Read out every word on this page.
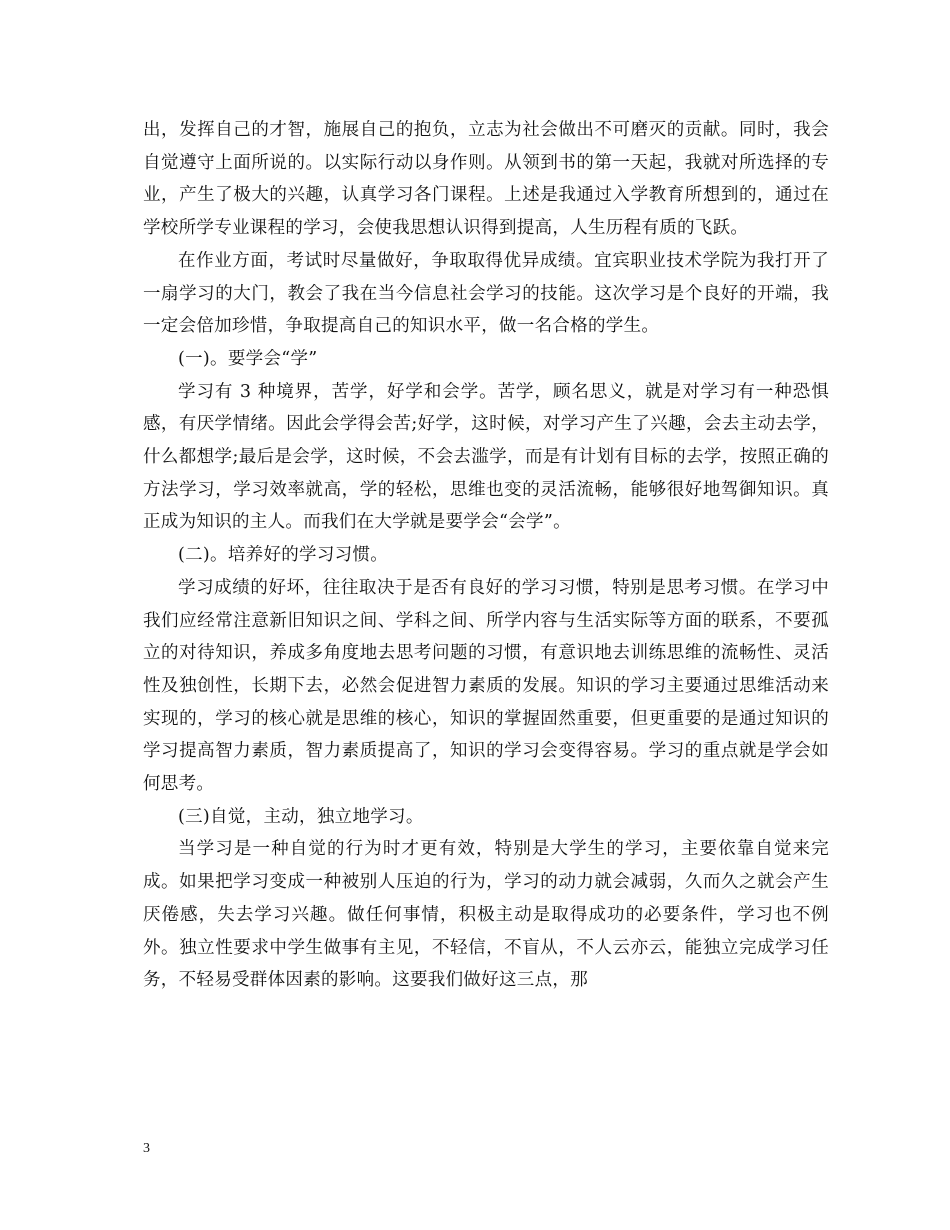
出，发挥自己的才智，施展自己的抱负，立志为社会做出不可磨灭的贡献。同时，我会自觉遵守上面所说的。以实际行动以身作则。从领到书的第一天起，我就对所选择的专业，产生了极大的兴趣，认真学习各门课程。上述是我通过入学教育所想到的，通过在学校所学专业课程的学习，会使我思想认识得到提高，人生历程有质的飞跃。

在作业方面，考试时尽量做好，争取取得优异成绩。宜宾职业技术学院为我打开了一扇学习的大门，教会了我在当今信息社会学习的技能。这次学习是个良好的开端，我一定会倍加珍惜，争取提高自己的知识水平，做一名合格的学生。

(一)。要学会“学”

学习有 3 种境界，苦学，好学和会学。苦学，顾名思义，就是对学习有一种恐惧感，有厌学情绪。因此会学得会苦;好学，这时候，对学习产生了兴趣，会去主动去学，什么都想学;最后是会学，这时候，不会去滥学，而是有计划有目标的去学，按照正确的方法学习，学习效率就高，学的轻松，思维也变的灵活流畅，能够很好地驾御知识。真正成为知识的主人。而我们在大学就是要学会“会学”。

(二)。培养好的学习习惯。

学习成绩的好坏，往往取决于是否有良好的学习习惯，特别是思考习惯。在学习中我们应经常注意新旧知识之间、学科之间、所学内容与生活实际等方面的联系，不要孤立的对待知识，养成多角度地去思考问题的习惯，有意识地去训练思维的流畅性、灵活性及独创性，长期下去，必然会促进智力素质的发展。知识的学习主要通过思维活动来实现的，学习的核心就是思维的核心，知识的掌握固然重要，但更重要的是通过知识的学习提高智力素质，智力素质提高了，知识的学习会变得容易。学习的重点就是学会如何思考。

(三)自觉，主动，独立地学习。

当学习是一种自觉的行为时才更有效，特别是大学生的学习，主要依靠自觉来完成。如果把学习变成一种被别人压迫的行为，学习的动力就会减弱，久而久之就会产生厌倦感，失去学习兴趣。做任何事情，积极主动是取得成功的必要条件，学习也不例外。独立性要求中学生做事有主见，不轻信，不盲从，不人云亦云，能独立完成学习任务，不轻易受群体因素的影响。这要我们做好这三点，那

3
